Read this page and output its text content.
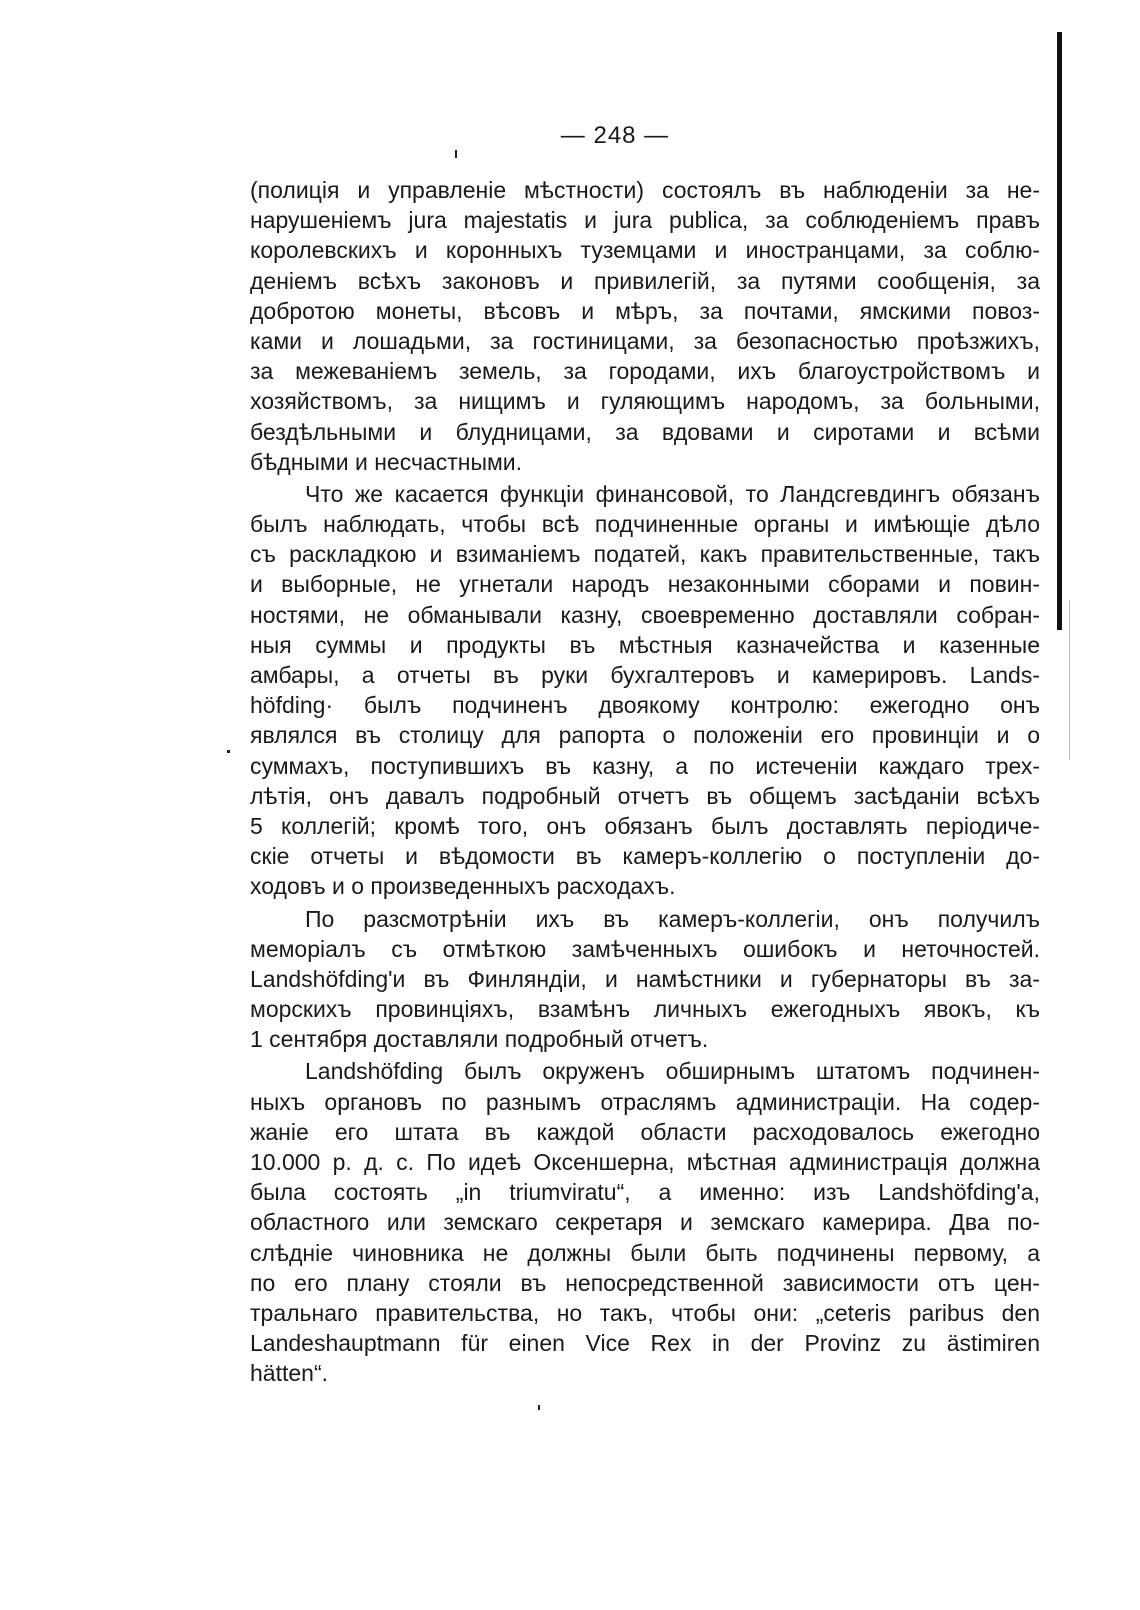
— 248 —
(полиція и управленіе мѣстности) состоялъ въ наблюденіи за не-
нарушеніемъ jura majestatis и jura publica, за соблюденіемъ правъ
королевскихъ и коронныхъ туземцами и иностранцами, за соблю-
деніемъ всѣхъ законовъ и привилегій, за путями сообщенія, за
добротою монеты, вѣсовъ и мѣръ, за почтами, ямскими повоз-
ками и лошадьми, за гостиницами, за безопасностью проѣзжихъ,
за межеваніемъ земель, за городами, ихъ благоустройствомъ и
хозяйствомъ, за нищимъ и гуляющимъ народомъ, за больными,
бездѣльными и блудницами, за вдовами и сиротами и всѣми
бѣдными и несчастными.
Что же касается функціи финансовой, то Ландсгевдингъ обязанъ
былъ наблюдать, чтобы всѣ подчиненные органы и имѣющіе дѣло
съ раскладкою и взиманіемъ податей, какъ правительственные, такъ
и выборные, не угнетали народъ незаконными сборами и повин-
ностями, не обманывали казну, своевременно доставляли собран-
ныя суммы и продукты въ мѣстныя казначейства и казенные
амбары, а отчеты въ руки бухгалтеровъ и камерировъ. Lands-
höfding· былъ подчиненъ двоякому контролю: ежегодно онъ
являлся въ столицу для рапорта о положеніи его провинціи и о
суммахъ, поступившихъ въ казну, а по истеченіи каждаго трех-
лѣтія, онъ давалъ подробный отчетъ въ общемъ засѣданіи всѣхъ
5 коллегій; кромѣ того, онъ обязанъ былъ доставлять періодиче-
скіе отчеты и вѣдомости въ камеръ-коллегію о поступленіи до-
ходовъ и о произведенныхъ расходахъ.
По разсмотрѣніи ихъ въ камеръ-коллегіи, онъ получилъ
меморіалъ съ отмѣткою замѣченныхъ ошибокъ и неточностей.
Landshöfding'и въ Финляндіи, и намѣстники и губернаторы въ за-
морскихъ провинціяхъ, взамѣнъ личныхъ ежегодныхъ явокъ, къ
1 сентября доставляли подробный отчетъ.
Landshöfding былъ окруженъ обширнымъ штатомъ подчинен-
ныхъ органовъ по разнымъ отраслямъ администраціи. На содер-
жаніе его штата въ каждой области расходовалось ежегодно
10.000 р. д. с. По идеѣ Оксеншерна, мѣстная администрація должна
была состоять „in triumviratu“, а именно: изъ Landshöfding'a,
областного или земскаго секретаря и земскаго камерира. Два по-
слѣдніе чиновника не должны были быть подчинены первому, а
по его плану стояли въ непосредственной зависимости отъ цен-
тральнаго правительства, но такъ, чтобы они: „ceteris paribus den
Landeshauptmann für einen Vice Rex in der Provinz zu ästimiren
hätten“.
